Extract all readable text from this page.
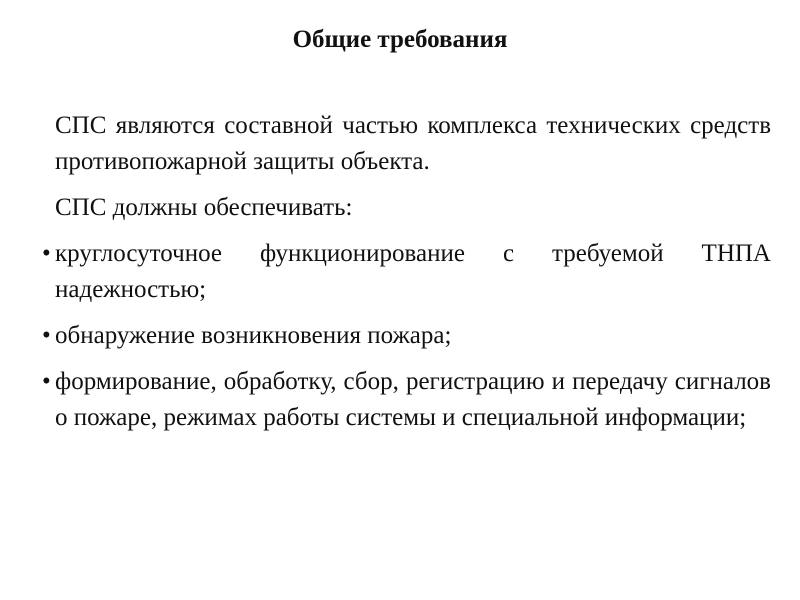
Общие требования

СПС являются составной частью комплекса технических средств противопожарной защиты объекта.

СПС должны обеспечивать:

• круглосуточное функционирование с требуемой ТНПА надежностью;
• обнаружение возникновения пожара;
• формирование, обработку, сбор, регистрацию и передачу сигналов о пожаре, режимах работы системы и специальной информации;
